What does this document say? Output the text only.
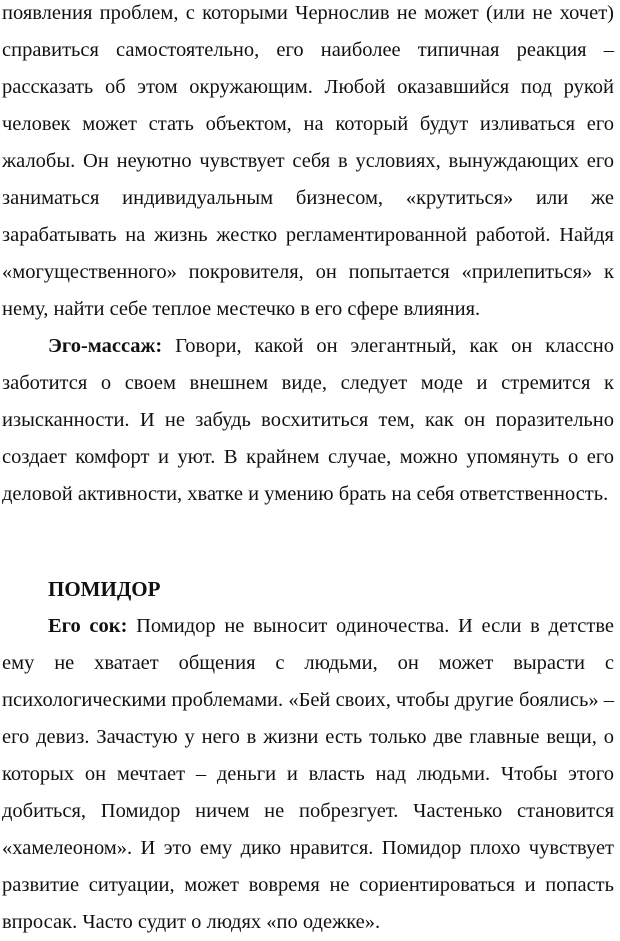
появления проблем, с которыми Чернослив не может (или не хочет) справиться самостоятельно, его наиболее типичная реакция – рассказать об этом окружающим. Любой оказавшийся под рукой человек может стать объектом, на который будут изливаться его жалобы. Он неуютно чувствует себя в условиях, вынуждающих его заниматься индивидуальным бизнесом, «крутиться» или же зарабатывать на жизнь жестко регламентированной работой. Найдя «могущественного» покровителя, он попытается «прилепиться» к нему, найти себе теплое местечко в его сфере влияния.

Эго-массаж: Говори, какой он элегантный, как он классно заботится о своем внешнем виде, следует моде и стремится к изысканности. И не забудь восхититься тем, как он поразительно создает комфорт и уют. В крайнем случае, можно упомянуть о его деловой активности, хватке и умению брать на себя ответственность.

ПОМИДОР

Его сок: Помидор не выносит одиночества. И если в детстве ему не хватает общения с людьми, он может вырасти с психологическими проблемами. «Бей своих, чтобы другие боялись» – его девиз. Зачастую у него в жизни есть только две главные вещи, о которых он мечтает – деньги и власть над людьми. Чтобы этого добиться, Помидор ничем не побрезгует. Частенько становится «хамелеоном». И это ему дико нравится. Помидор плохо чувствует развитие ситуации, может вовремя не сориентироваться и попасть впросак. Часто судит о людях «по одежке».
